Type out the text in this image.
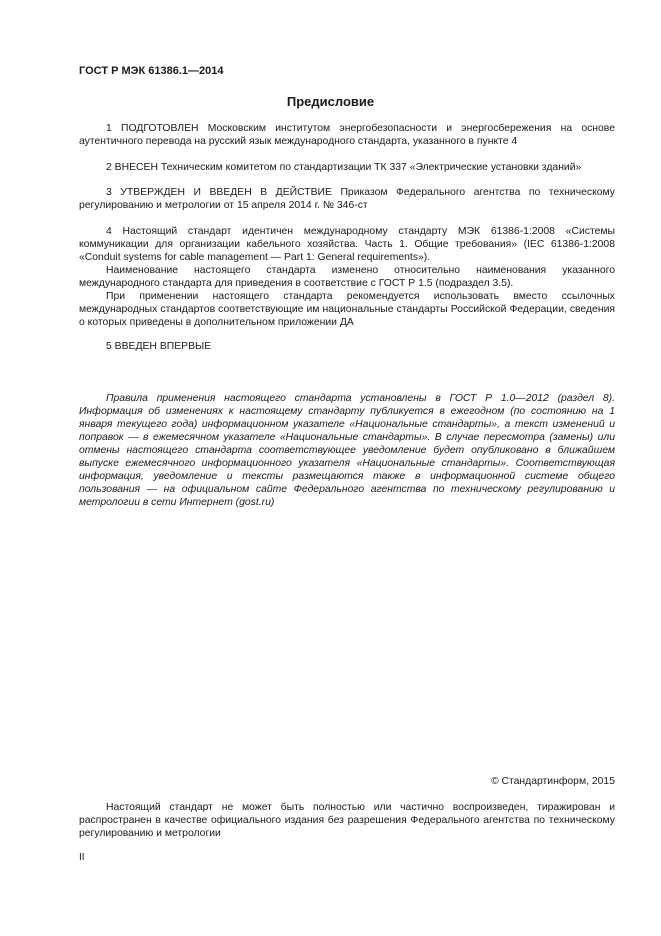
ГОСТ Р МЭК 61386.1—2014
Предисловие

1 ПОДГОТОВЛЕН Московским институтом энергобезопасности и энергосбережения на основе аутентичного перевода на русский язык международного стандарта, указанного в пункте 4

2 ВНЕСЕН Техническим комитетом по стандартизации ТК 337 «Электрические установки зданий»

3 УТВЕРЖДЕН И ВВЕДЕН В ДЕЙСТВИЕ Приказом Федерального агентства по техническому регулированию и метрологии от 15 апреля 2014 г. № 346-ст

4 Настоящий стандарт идентичен международному стандарту МЭК 61386-1:2008 «Системы коммуникации для организации кабельного хозяйства. Часть 1. Общие требования» (IEC 61386-1:2008 «Conduit systems for cable management — Part 1: General requirements»).

Наименование настоящего стандарта изменено относительно наименования указанного международного стандарта для приведения в соответствие с ГОСТ Р 1.5 (подраздел 3.5).

При применении настоящего стандарта рекомендуется использовать вместо ссылочных международных стандартов соответствующие им национальные стандарты Российской Федерации, сведения о которых приведены в дополнительном приложении ДА

5 ВВЕДЕН ВПЕРВЫЕ

Правила применения настоящего стандарта установлены в ГОСТ Р 1.0—2012 (раздел 8). Информация об изменениях к настоящему стандарту публикуется в ежегодном (по состоянию на 1 января текущего года) информационном указателе «Национальные стандарты», а текст изменений и поправок — в ежемесячном указателе «Национальные стандарты». В случае пересмотра (замены) или отмены настоящего стандарта соответствующее уведомление будет опубликовано в ближайшем выпуске ежемесячного информационного указателя «Национальные стандарты». Соответствующая информация, уведомление и тексты размещаются также в информационной системе общего пользования — на официальном сайте Федерального агентства по техническому регулированию и метрологии в сети Интернет (gost.ru)

© Стандартинформ, 2015

Настоящий стандарт не может быть полностью или частично воспроизведен, тиражирован и распространен в качестве официального издания без разрешения Федерального агентства по техническому регулированию и метрологии

II
